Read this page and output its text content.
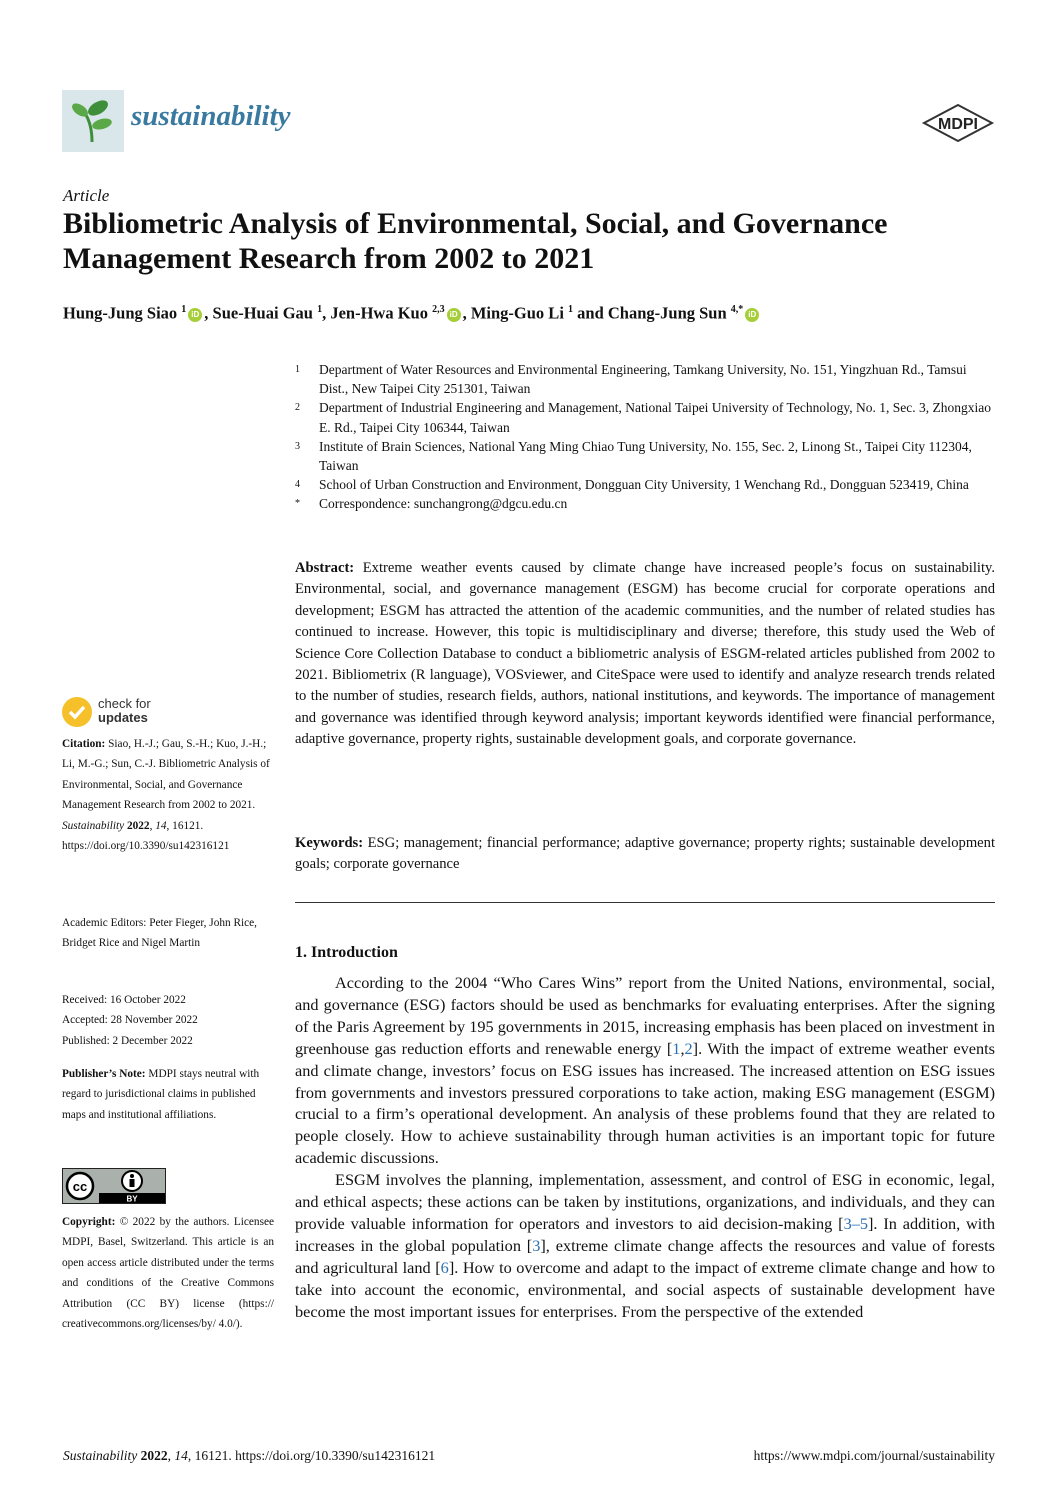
sustainability	MDPI
Article
Bibliometric Analysis of Environmental, Social, and Governance Management Research from 2002 to 2021
Hung-Jung Siao $^1$ iD , Sue-Huai Gau $^1$, Jen-Hwa Kuo $^{2,3}$ iD , Ming-Guo Li $^1$ and Chang-Jung Sun $^{4,*}$ iD
1	Department of Water Resources and Environmental Engineering, Tamkang University, No. 151, Yingzhuan Rd., Tamsui Dist., New Taipei City 251301, Taiwan
2	Department of Industrial Engineering and Management, National Taipei University of Technology, No. 1, Sec. 3, Zhongxiao E. Rd., Taipei City 106344, Taiwan
3	Institute of Brain Sciences, National Yang Ming Chiao Tung University, No. 155, Sec. 2, Linong St., Taipei City 112304, Taiwan
4	School of Urban Construction and Environment, Dongguan City University, 1 Wenchang Rd., Dongguan 523419, China
*	Correspondence: sunchangrong@dgcu.edu.cn
Abstract: Extreme weather events caused by climate change have increased people’s focus on sustainability. Environmental, social, and governance management (ESGM) has become crucial for corporate operations and development; ESGM has attracted the attention of the academic communities, and the number of related studies has continued to increase. However, this topic is multidisciplinary and diverse; therefore, this study used the Web of Science Core Collection Database to conduct a bibliometric analysis of ESGM-related articles published from 2002 to 2021. Bibliometrix (R language), VOSviewer, and CiteSpace were used to identify and analyze research trends related to the number of studies, research fields, authors, national institutions, and keywords. The importance of management and governance was identified through keyword analysis; important keywords identified were financial performance, adaptive governance, property rights, sustainable development goals, and corporate governance.
Keywords: ESG; management; financial performance; adaptive governance; property rights; sustainable development goals; corporate governance
1. Introduction

According to the 2004 “Who Cares Wins” report from the United Nations, environmental, social, and governance (ESG) factors should be used as benchmarks for evaluating enterprises. After the signing of the Paris Agreement by 195 governments in 2015, increasing emphasis has been placed on investment in greenhouse gas reduction efforts and renewable energy [1,2]. With the impact of extreme weather events and climate change, investors’ focus on ESG issues has increased. The increased attention on ESG issues from governments and investors pressured corporations to take action, making ESG management (ESGM) crucial to a firm’s operational development. An analysis of these problems found that they are related to people closely. How to achieve sustainability through human activities is an important topic for future academic discussions.

ESGM involves the planning, implementation, assessment, and control of ESG in economic, legal, and ethical aspects; these actions can be taken by institutions, organizations, and individuals, and they can provide valuable information for operators and investors to aid decision-making [3–5]. In addition, with increases in the global population [3], extreme climate change affects the resources and value of forests and agricultural land [6]. How to overcome and adapt to the impact of extreme climate change and how to take into account the economic, environmental, and social aspects of sustainable development have become the most important issues for enterprises. From the perspective of the extended

check for
updates
Citation: Siao, H.-J.; Gau, S.-H.; Kuo, J.-H.; Li, M.-G.; Sun, C.-J. Bibliometric Analysis of Environmental, Social, and Governance Management Research from 2002 to 2021. Sustainability 2022, 14, 16121. https://doi.org/10.3390/su142316121
Academic Editors: Peter Fieger, John Rice, Bridget Rice and Nigel Martin
Received: 16 October 2022
Accepted: 28 November 2022
Published: 2 December 2022
Publisher’s Note: MDPI stays neutral with regard to jurisdictional claims in published maps and institutional affiliations.
cc
BY
Copyright: © 2022 by the authors. Licensee MDPI, Basel, Switzerland. This article is an open access article distributed under the terms and conditions of the Creative Commons Attribution (CC BY) license (https:// creativecommons.org/licenses/by/ 4.0/).
Sustainability 2022, 14, 16121. https://doi.org/10.3390/su142316121	https://www.mdpi.com/journal/sustainability
